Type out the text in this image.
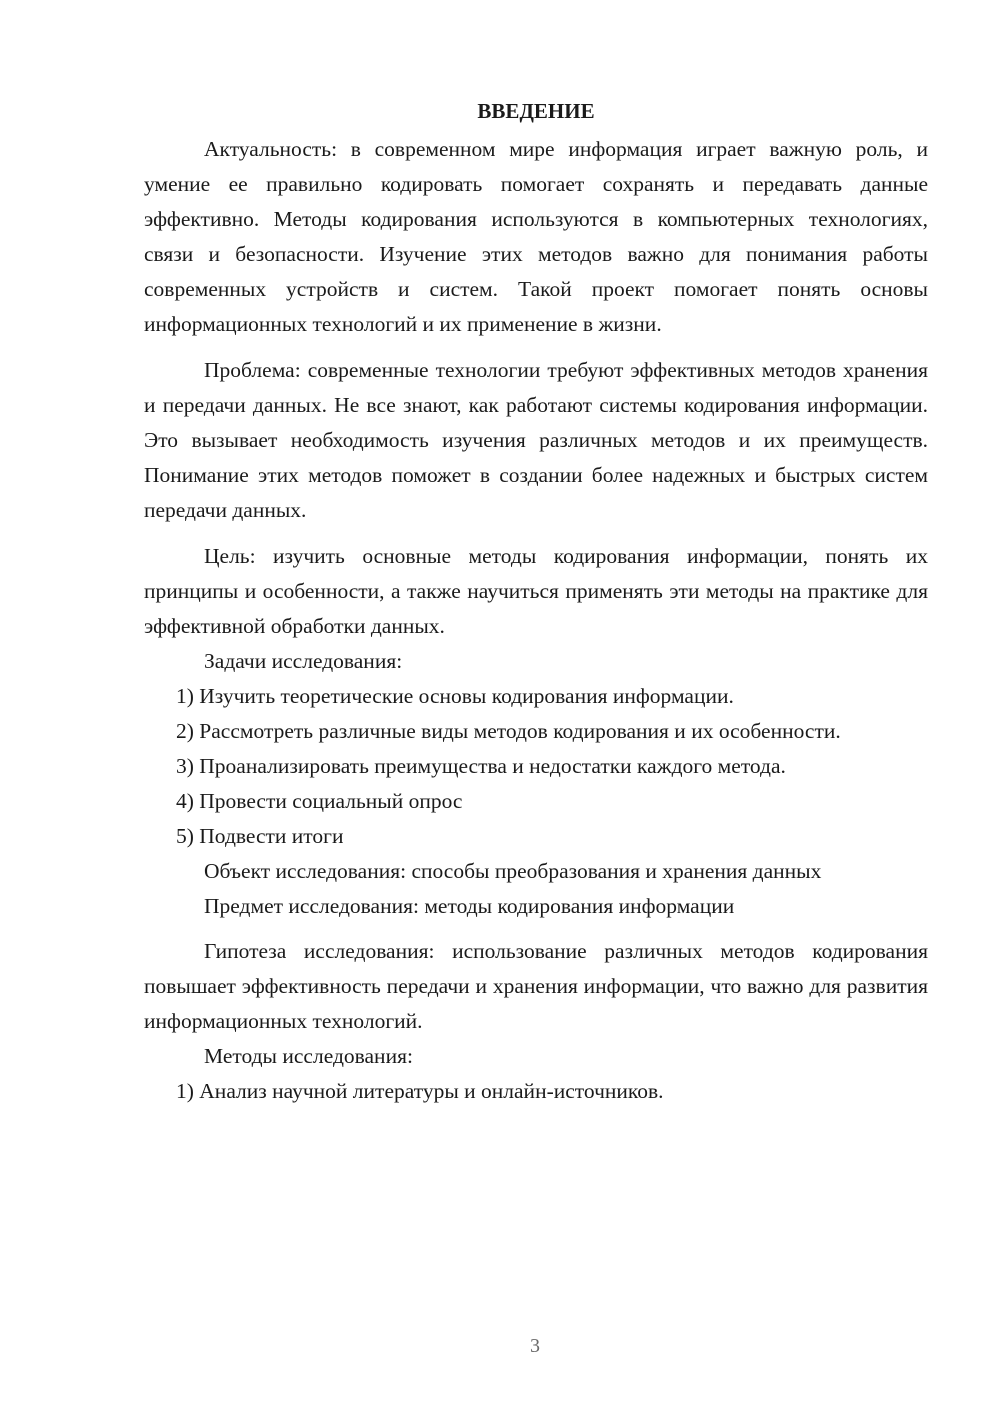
ВВЕДЕНИЕ

Актуальность: в современном мире информация играет важную роль, и умение ее правильно кодировать помогает сохранять и передавать данные эффективно. Методы кодирования используются в компьютерных технологиях, связи и безопасности. Изучение этих методов важно для понимания работы современных устройств и систем. Такой проект помогает понять основы информационных технологий и их применение в жизни.

Проблема: современные технологии требуют эффективных методов хранения и передачи данных. Не все знают, как работают системы кодирования информации. Это вызывает необходимость изучения различных методов и их преимуществ. Понимание этих методов поможет в создании более надежных и быстрых систем передачи данных.

Цель: изучить основные методы кодирования информации, понять их принципы и особенности, а также научиться применять эти методы на практике для эффективной обработки данных.

Задачи исследования:

1) Изучить теоретические основы кодирования информации.

2) Рассмотреть различные виды методов кодирования и их особенности.

3) Проанализировать преимущества и недостатки каждого метода.

4) Провести социальный опрос

5) Подвести итоги

Объект исследования: способы преобразования и хранения данных

Предмет исследования: методы кодирования информации

Гипотеза исследования: использование различных методов кодирования повышает эффективность передачи и хранения информации, что важно для развития информационных технологий.

Методы исследования:

1) Анализ научной литературы и онлайн-источников.

3
